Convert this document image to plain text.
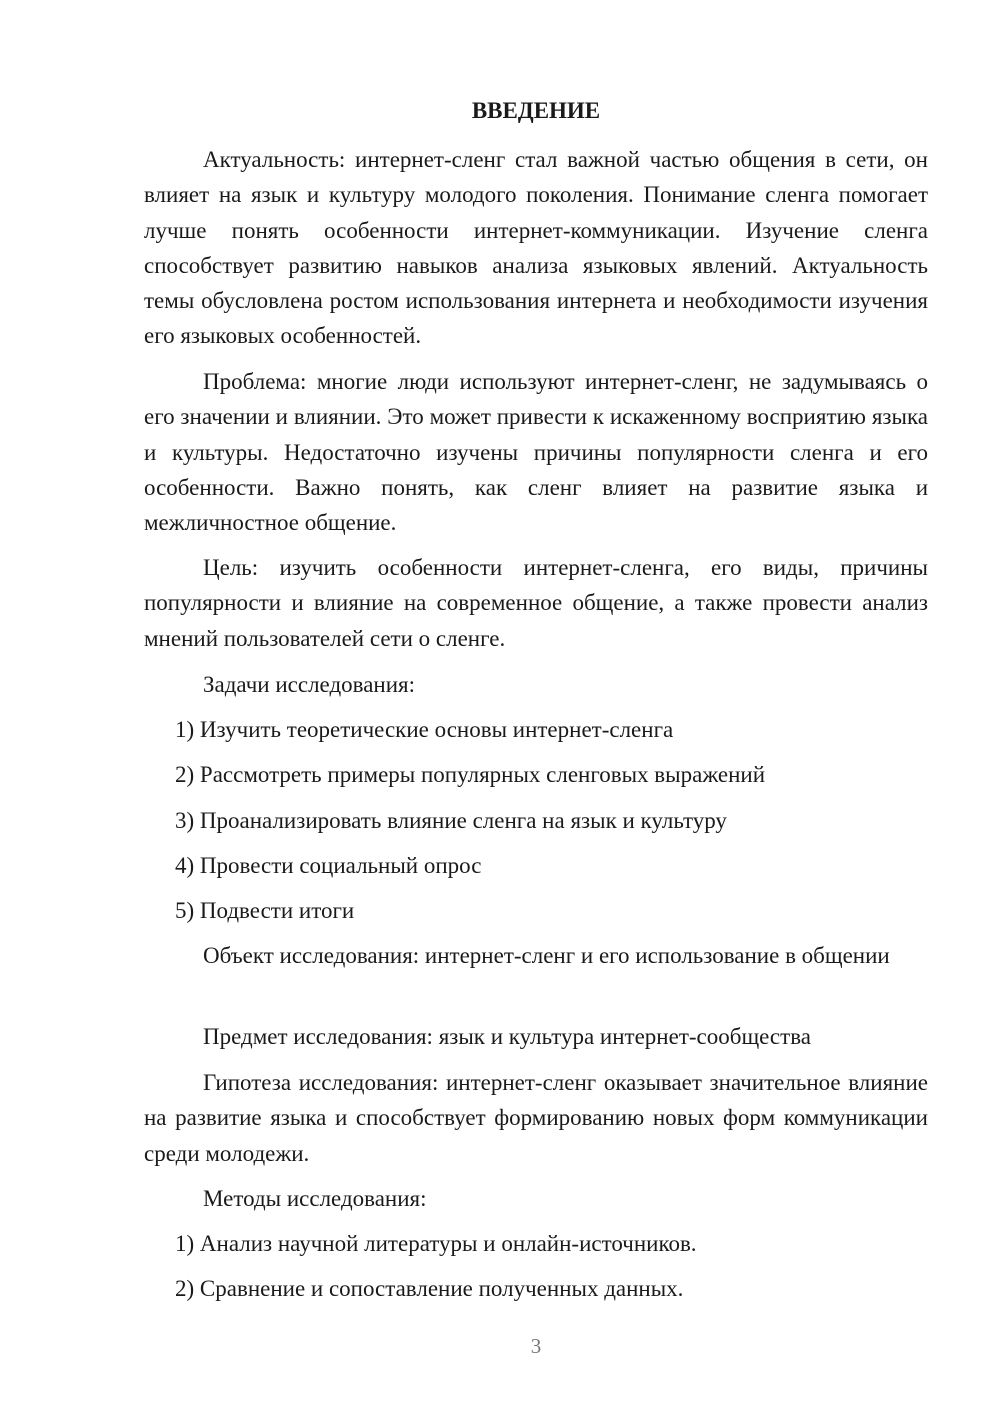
ВВЕДЕНИЕ

Актуальность: интернет-сленг стал важной частью общения в сети, он влияет на язык и культуру молодого поколения. Понимание сленга помогает лучше понять особенности интернет-коммуникации. Изучение сленга способствует развитию навыков анализа языковых явлений. Актуальность темы обусловлена ростом использования интернета и необходимости изучения его языковых особенностей.

Проблема: многие люди используют интернет-сленг, не задумываясь о его значении и влиянии. Это может привести к искаженному восприятию языка и культуры. Недостаточно изучены причины популярности сленга и его особенности. Важно понять, как сленг влияет на развитие языка и межличностное общение.

Цель: изучить особенности интернет-сленга, его виды, причины популярности и влияние на современное общение, а также провести анализ мнений пользователей сети о сленге.

Задачи исследования:

1) Изучить теоретические основы интернет-сленга

2) Рассмотреть примеры популярных сленговых выражений

3) Проанализировать влияние сленга на язык и культуру

4) Провести социальный опрос

5) Подвести итоги

Объект исследования: интернет-сленг и его использование в общении

Предмет исследования: язык и культура интернет-сообщества

Гипотеза исследования: интернет-сленг оказывает значительное влияние на развитие языка и способствует формированию новых форм коммуникации среди молодежи.

Методы исследования:

1) Анализ научной литературы и онлайн-источников.

2) Сравнение и сопоставление полученных данных.

3
